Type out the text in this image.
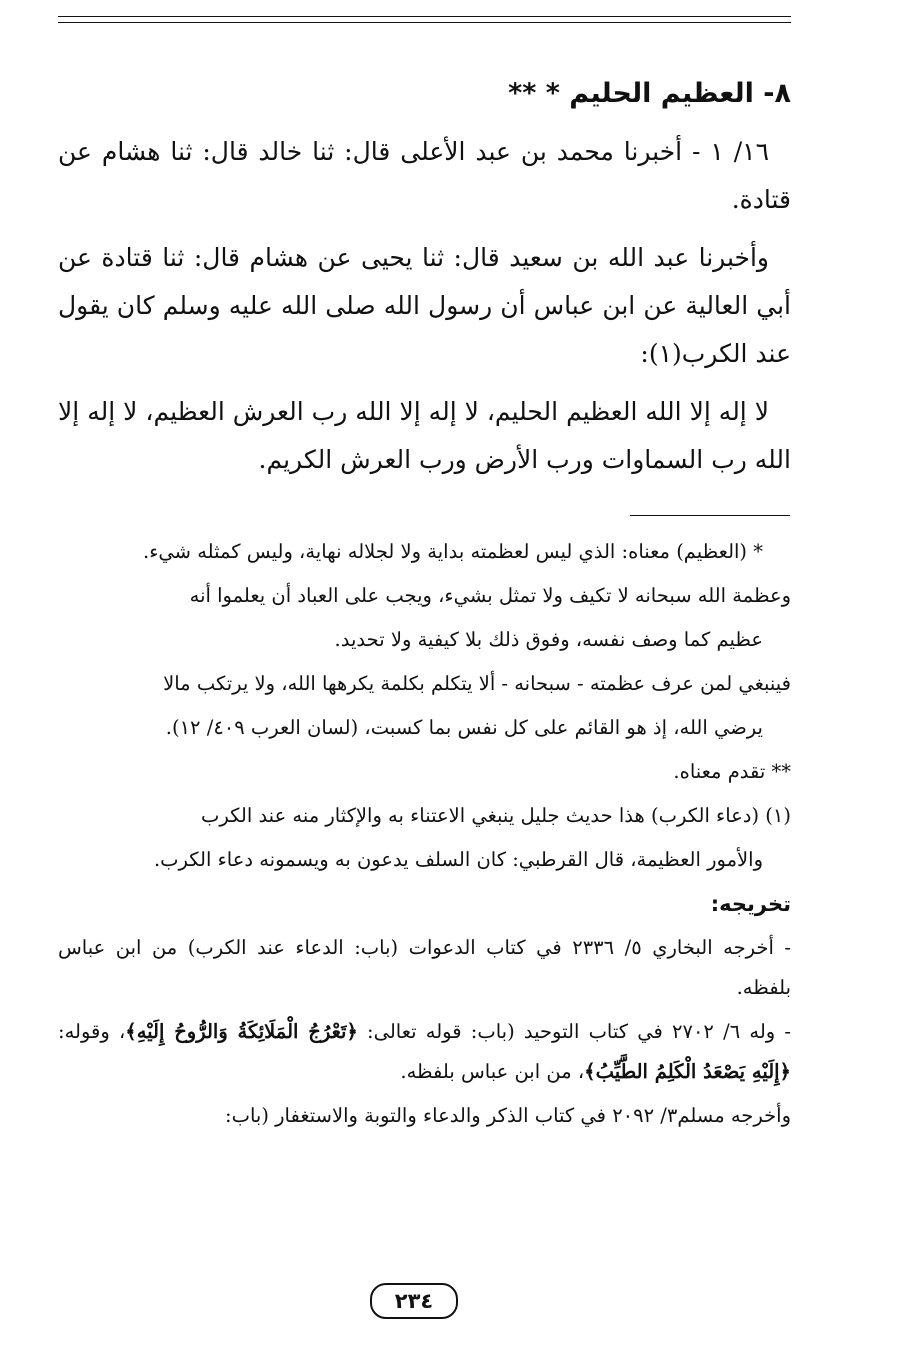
٨- العظيم الحليم * **

١٦/ ١ - أخبرنا محمد بن عبد الأعلى قال: ثنا خالد قال: ثنا هشام عن قتادة.

وأخبرنا عبد الله بن سعيد قال: ثنا يحيى عن هشام قال: ثنا قتادة عن أبي العالية عن ابن عباس أن رسول الله صلى الله عليه وسلم كان يقول عند الكرب(١):

لا إله إلا الله العظيم الحليم، لا إله إلا الله رب العرش العظيم، لا إله إلا الله رب السماوات ورب الأرض ورب العرش الكريم.

* (العظيم) معناه: الذي ليس لعظمته بداية ولا لجلاله نهاية، وليس كمثله شيء.

وعظمة الله سبحانه لا تكيف ولا تمثل بشيء، ويجب على العباد أن يعلموا أنه

عظيم كما وصف نفسه، وفوق ذلك بلا كيفية ولا تحديد.

فينبغي لمن عرف عظمته - سبحانه - ألا يتكلم بكلمة يكرهها الله، ولا يرتكب مالا

يرضي الله، إذ هو القائم على كل نفس بما كسبت، (لسان العرب ٤٠٩/ ١٢).

** تقدم معناه.

(١) (دعاء الكرب) هذا حديث جليل ينبغي الاعتناء به والإكثار منه عند الكرب

والأمور العظيمة، قال القرطبي: كان السلف يدعون به ويسمونه دعاء الكرب.

تخريجه:

- أخرجه البخاري ٥/ ٢٣٣٦ في كتاب الدعوات (باب: الدعاء عند الكرب) من ابن عباس بلفظه.

- وله ٦/ ٢٧٠٢ في كتاب التوحيد (باب: قوله تعالى: ﴿تَعْرُجُ الْمَلَائِكَةُ وَالرُّوحُ إِلَيْهِ﴾، وقوله: ﴿إِلَيْهِ يَصْعَدُ الْكَلِمُ الطَّيِّبُ﴾، من ابن عباس بلفظه.

وأخرجه مسلم٣/ ٢٠٩٢ في كتاب الذكر والدعاء والتوبة والاستغفار (باب:

٢٣٤
